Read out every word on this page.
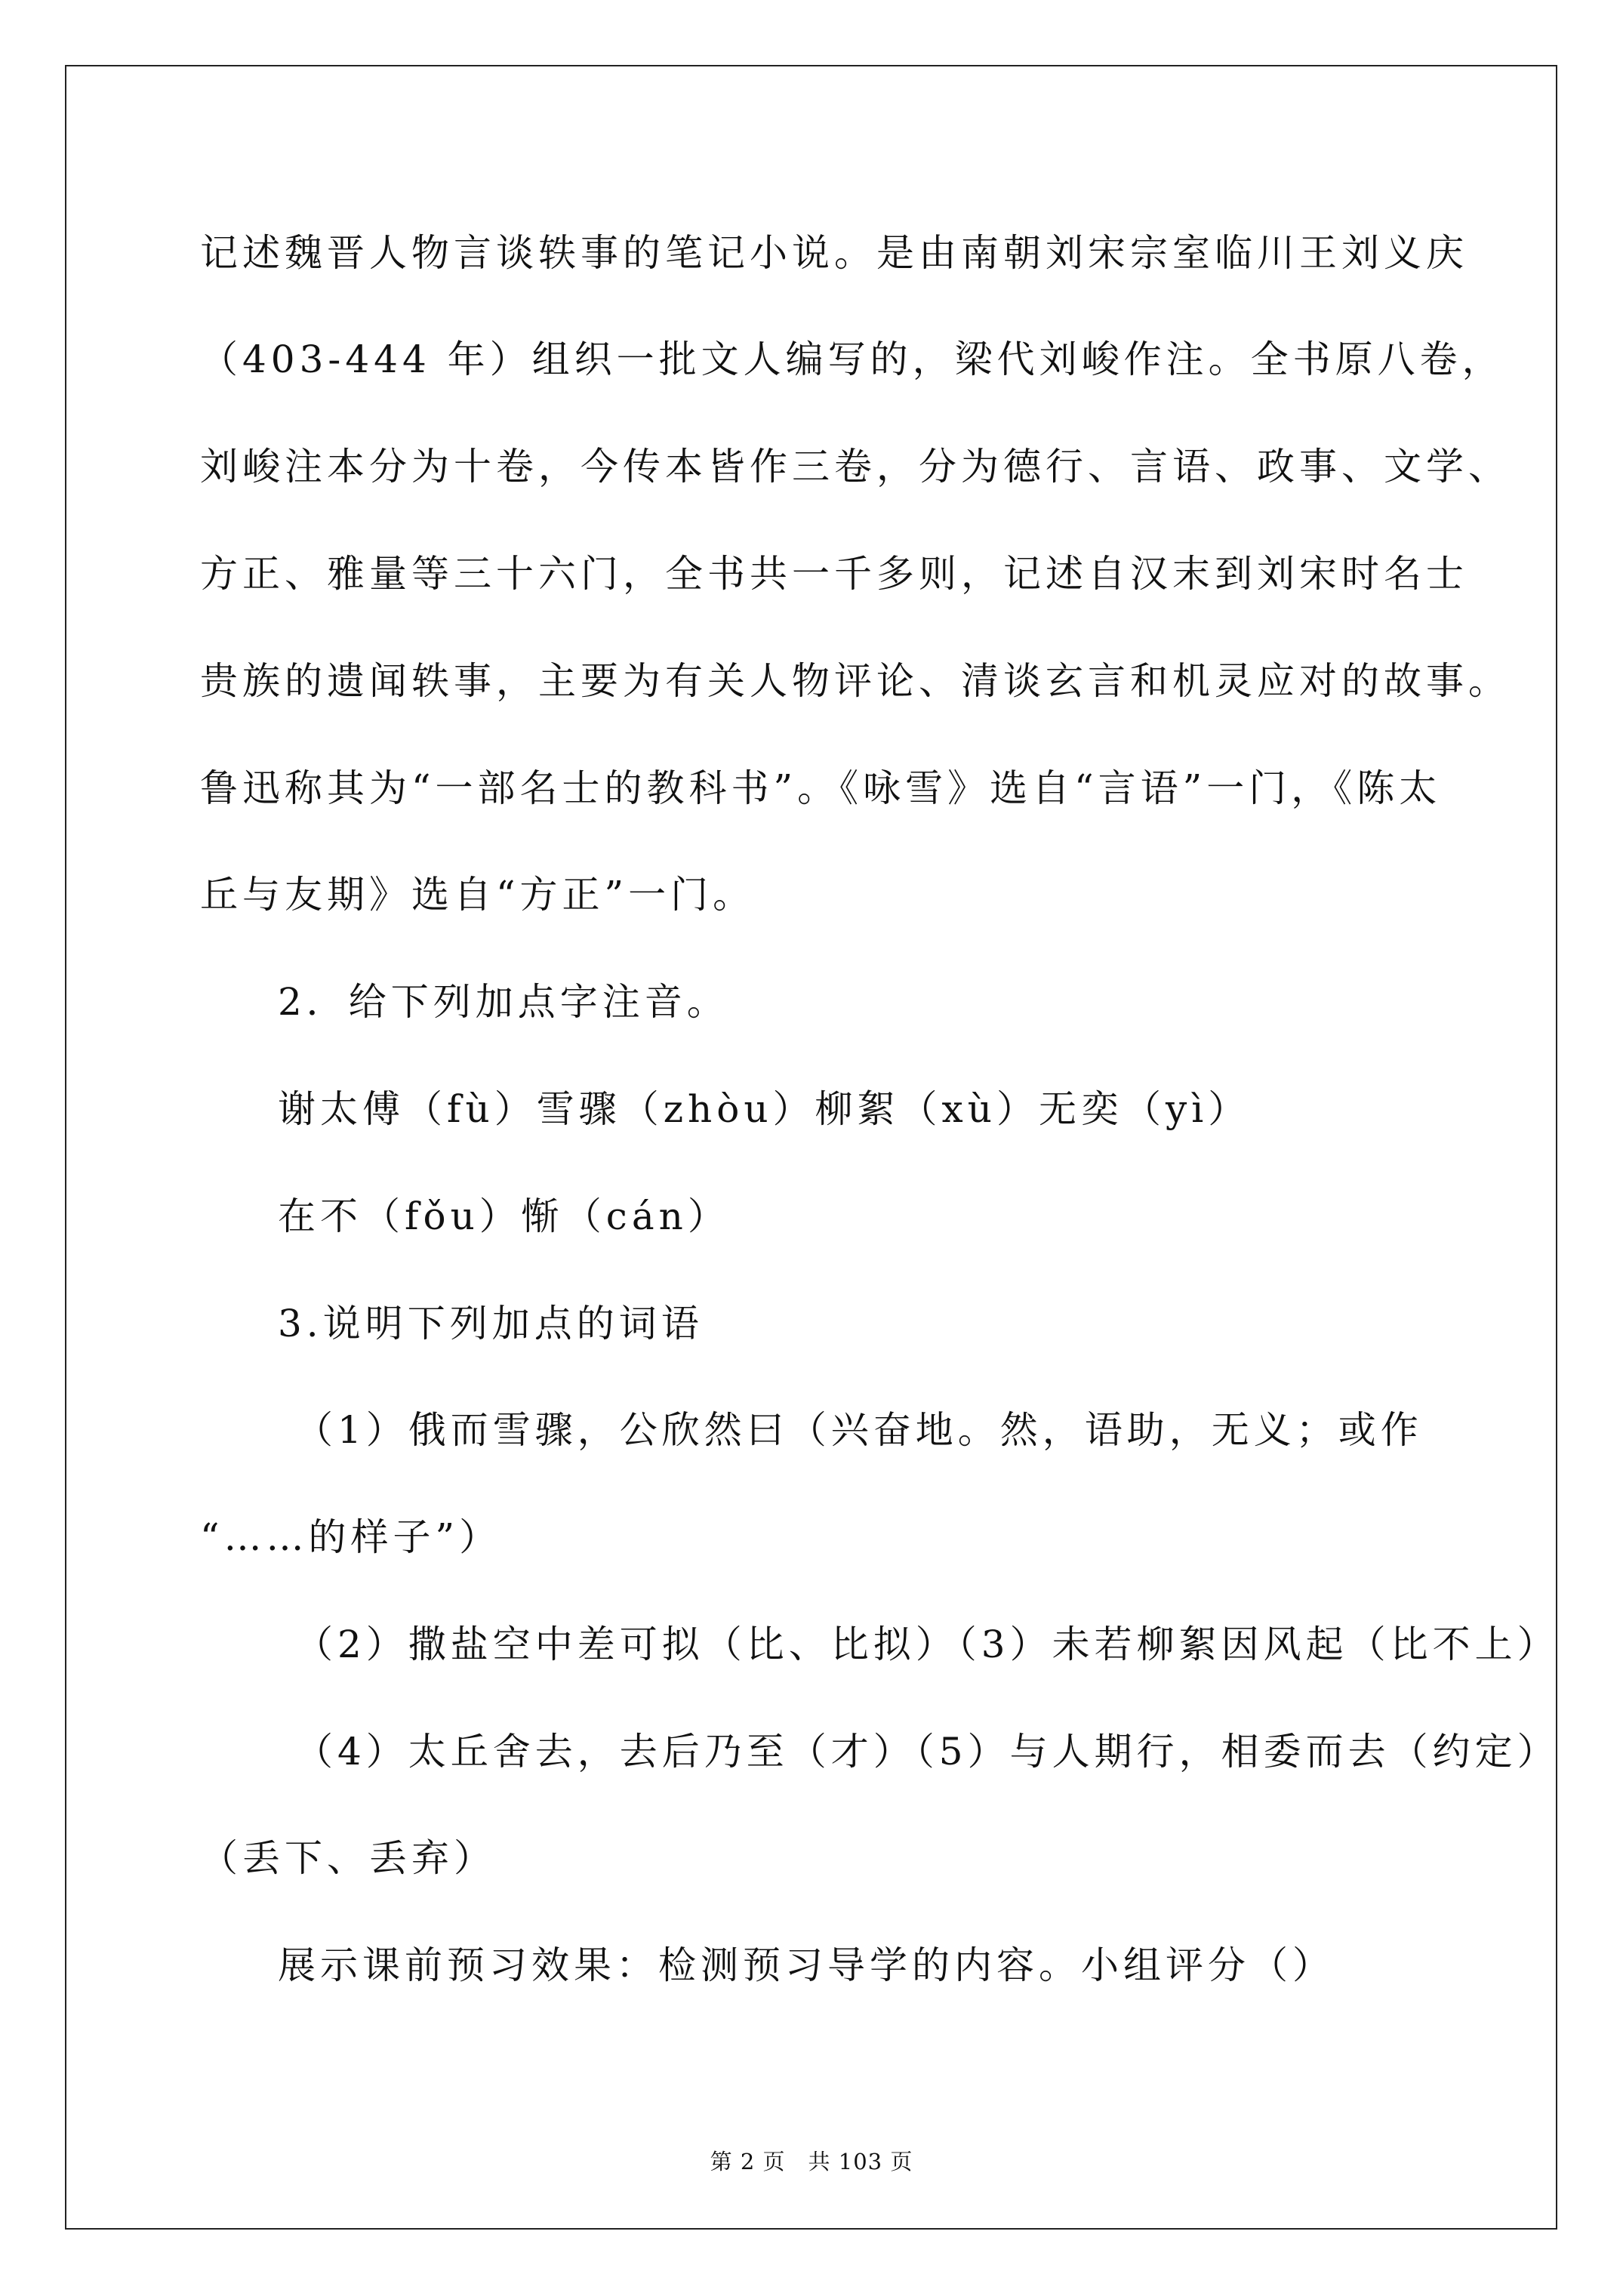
记述魏晋人物言谈轶事的笔记小说。是由南朝刘宋宗室临川王刘义庆
（403-444 年）组织一批文人编写的，梁代刘峻作注。全书原八卷，
刘峻注本分为十卷，今传本皆作三卷，分为德行、言语、政事、文学、
方正、雅量等三十六门，全书共一千多则，记述自汉末到刘宋时名士
贵族的遗闻轶事，主要为有关人物评论、清谈玄言和机灵应对的故事。
鲁迅称其为“一部名士的教科书”。《咏雪》选自“言语”一门，《陈太
丘与友期》选自“方正”一门。
2．给下列加点字注音。
谢太傅（fù）雪骤（zhòu）柳絮（xù）无奕（yì）
在不（fǒu）惭（cán）
3.说明下列加点的词语
（1）俄而雪骤，公欣然曰（兴奋地。然，语助，无义；或作
“……的样子”）
（2）撒盐空中差可拟（比、比拟）（3）未若柳絮因风起（比不上）
（4）太丘舍去，去后乃至（才）（5）与人期行，相委而去（约定）
（丢下、丢弃）
展示课前预习效果：检测预习导学的内容。小组评分（）
第 2 页　共 103 页
